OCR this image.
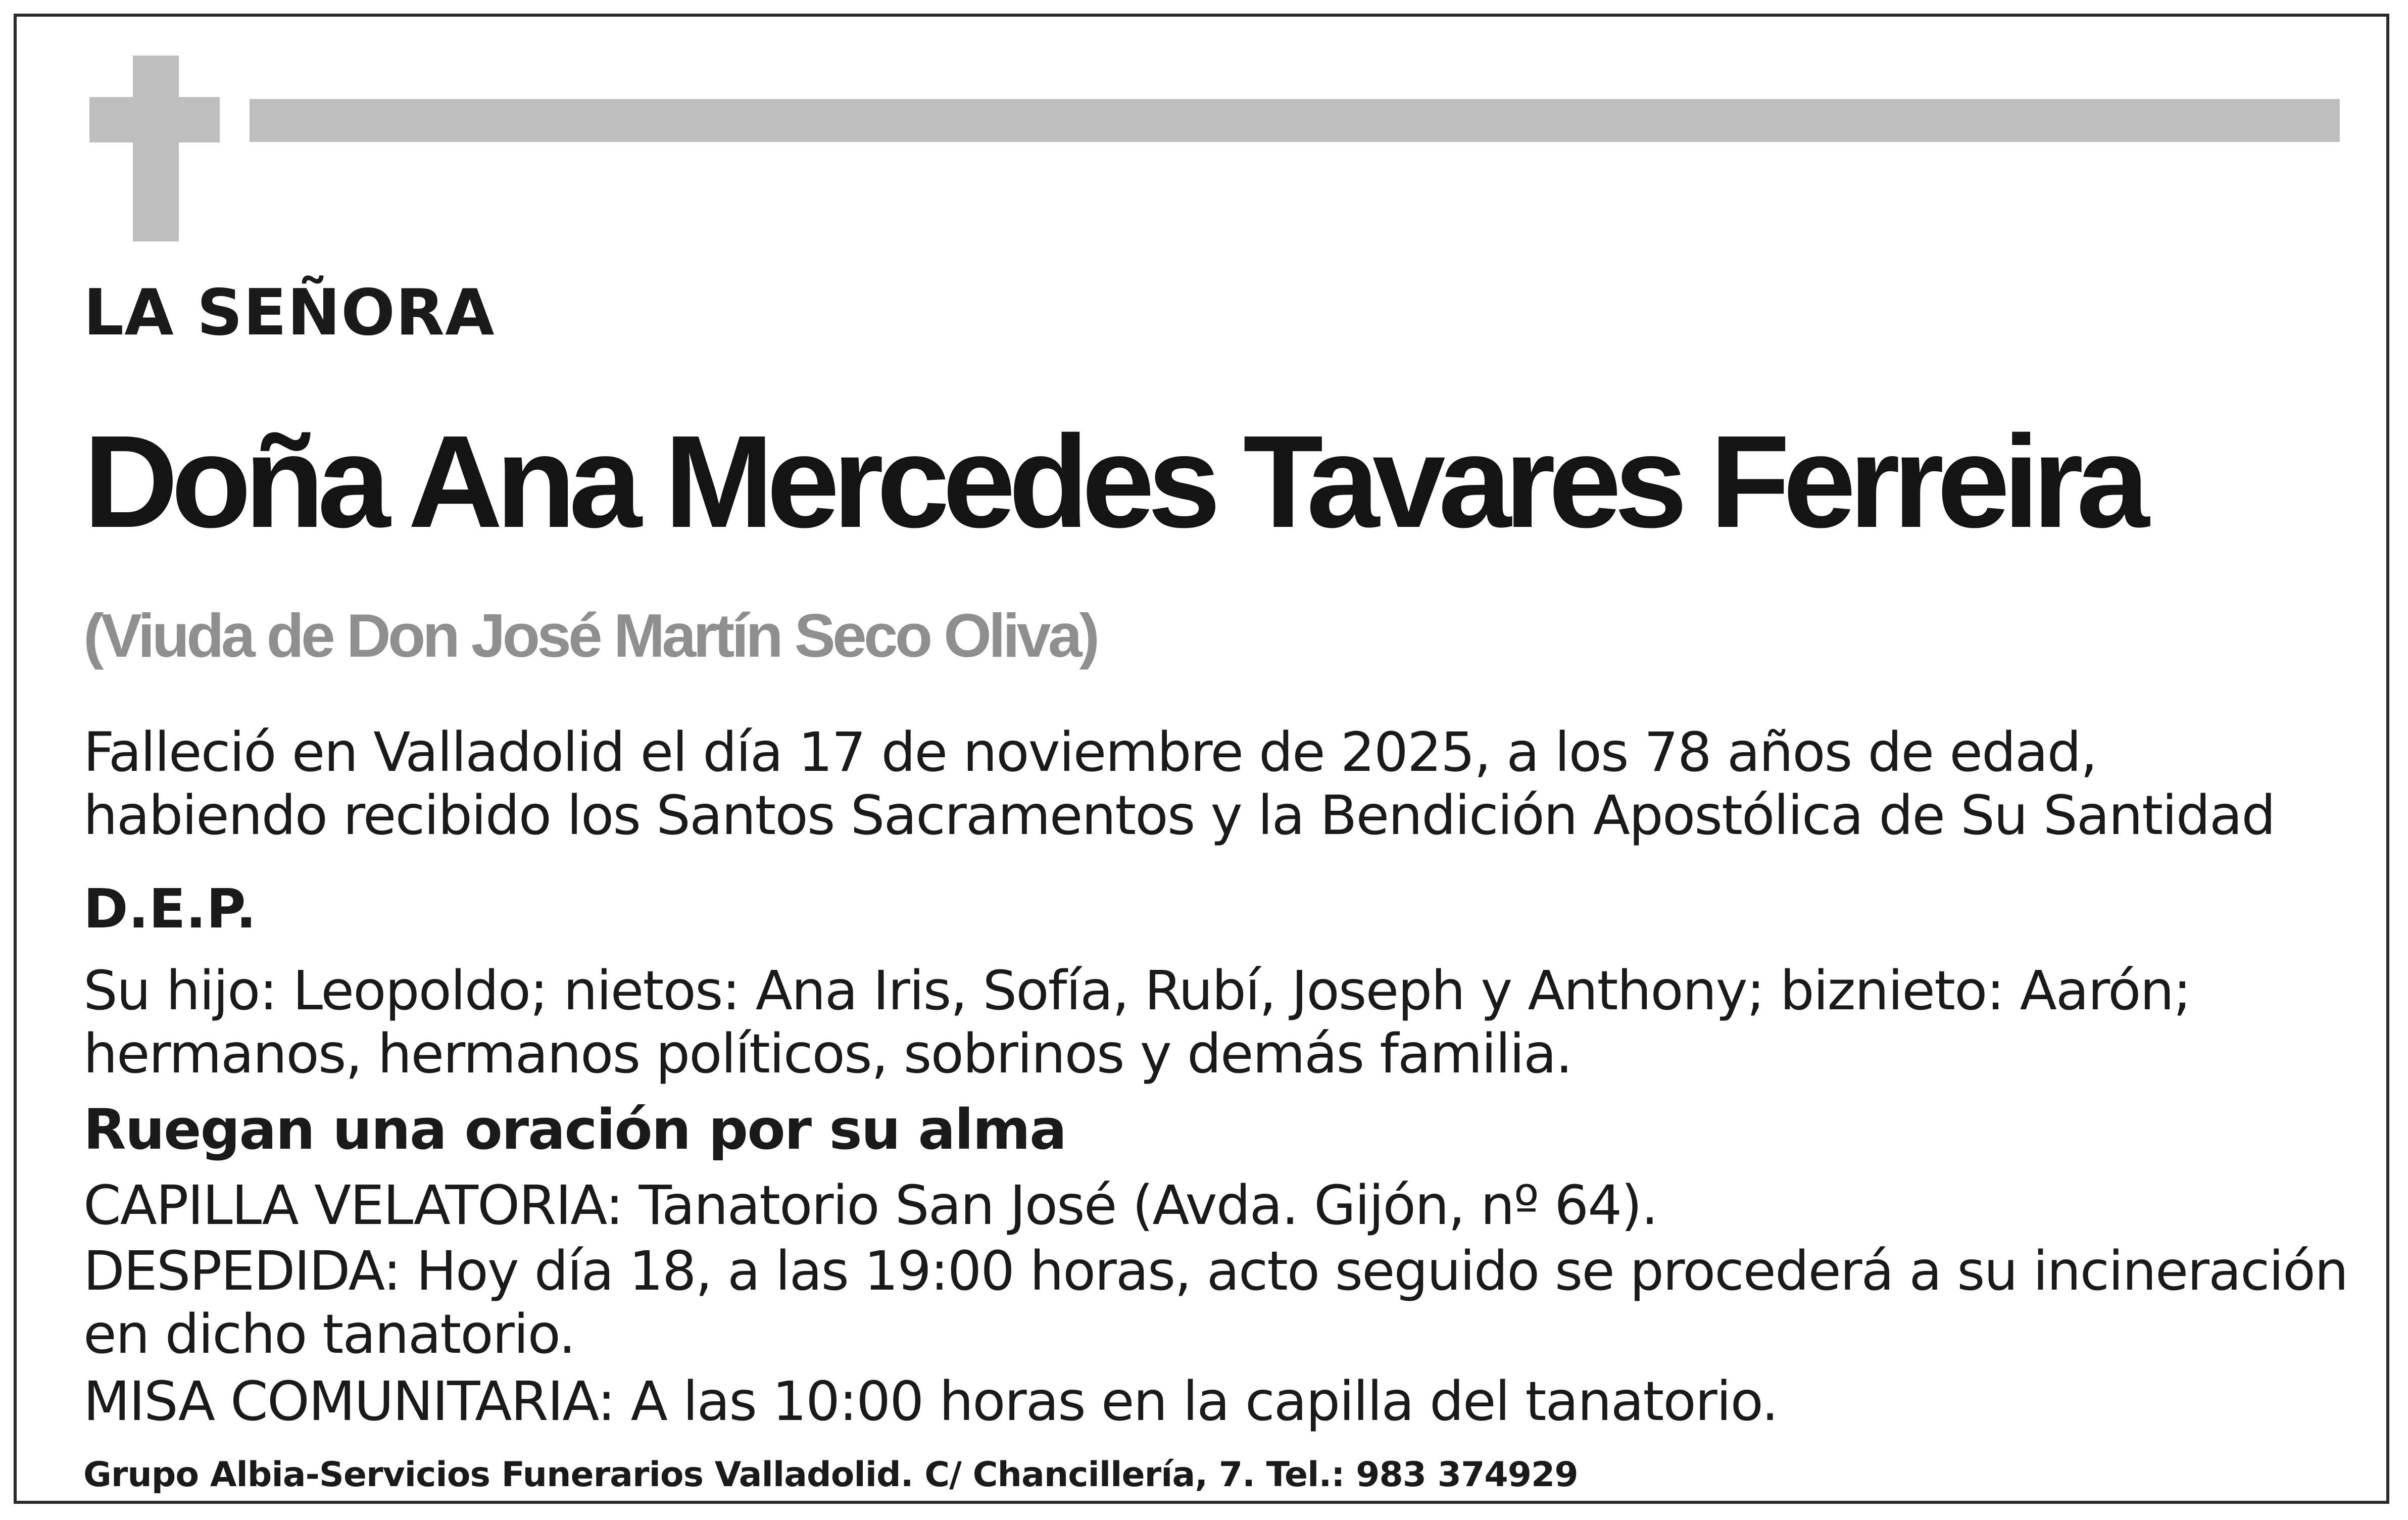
LA SEÑORA

Doña Ana Mercedes Tavares Ferreira

(Viuda de Don José Martín Seco Oliva)

Falleció en Valladolid el día 17 de noviembre de 2025, a los 78 años de edad,

habiendo recibido los Santos Sacramentos y la Bendición Apostólica de Su Santidad

D.E.P.

Su hijo: Leopoldo; nietos: Ana Iris, Sofía, Rubí, Joseph y Anthony; biznieto: Aarón;

hermanos, hermanos políticos, sobrinos y demás familia.

Ruegan una oración por su alma

CAPILLA VELATORIA: Tanatorio San José (Avda. Gijón, nº 64).

DESPEDIDA: Hoy día 18, a las 19:00 horas, acto seguido se procederá a su incineración

en dicho tanatorio.

MISA COMUNITARIA: A las 10:00 horas en la capilla del tanatorio.

Grupo Albia-Servicios Funerarios Valladolid. C/ Chancillería, 7. Tel.: 983 374929
